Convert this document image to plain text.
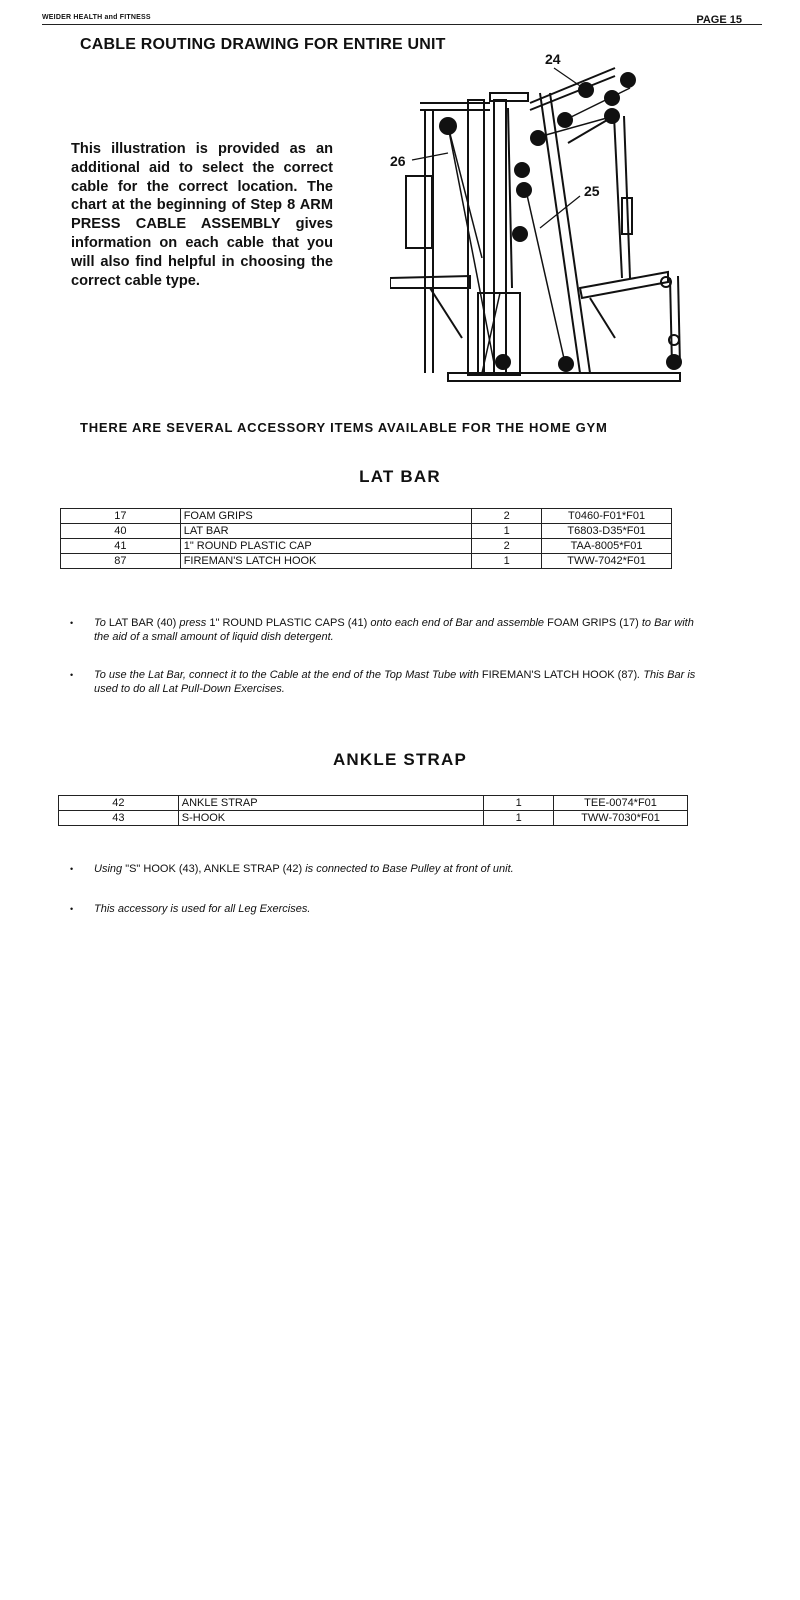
WEIDER HEALTH and FITNESS	PAGE 15
CABLE ROUTING DRAWING FOR ENTIRE UNIT
This illustration is provided as an additional aid to select the correct cable for the correct location. The chart at the beginning of Step 8 ARM PRESS CABLE ASSEMBLY gives information on each cable that you will also find helpful in choosing the correct cable type.
24
26
25
THERE ARE SEVERAL ACCESSORY ITEMS AVAILABLE FOR THE HOME GYM
LAT BAR
17	FOAM GRIPS	2	T0460-F01*F01
40	LAT BAR	1	T6803-D35*F01
41	1" ROUND PLASTIC CAP	2	TAA-8005*F01
87	FIREMAN'S LATCH HOOK	1	TWW-7042*F01
• To LAT BAR (40) press 1" ROUND PLASTIC CAPS (41) onto each end of Bar and assemble FOAM GRIPS (17) to Bar with the aid of a small amount of liquid dish detergent.
• To use the Lat Bar, connect it to the Cable at the end of the Top Mast Tube with FIREMAN'S LATCH HOOK (87). This Bar is used to do all Lat Pull-Down Exercises.
ANKLE STRAP
42	ANKLE STRAP	1	TEE-0074*F01
43	S-HOOK	1	TWW-7030*F01
• Using "S" HOOK (43), ANKLE STRAP (42) is connected to Base Pulley at front of unit.
• This accessory is used for all Leg Exercises.
